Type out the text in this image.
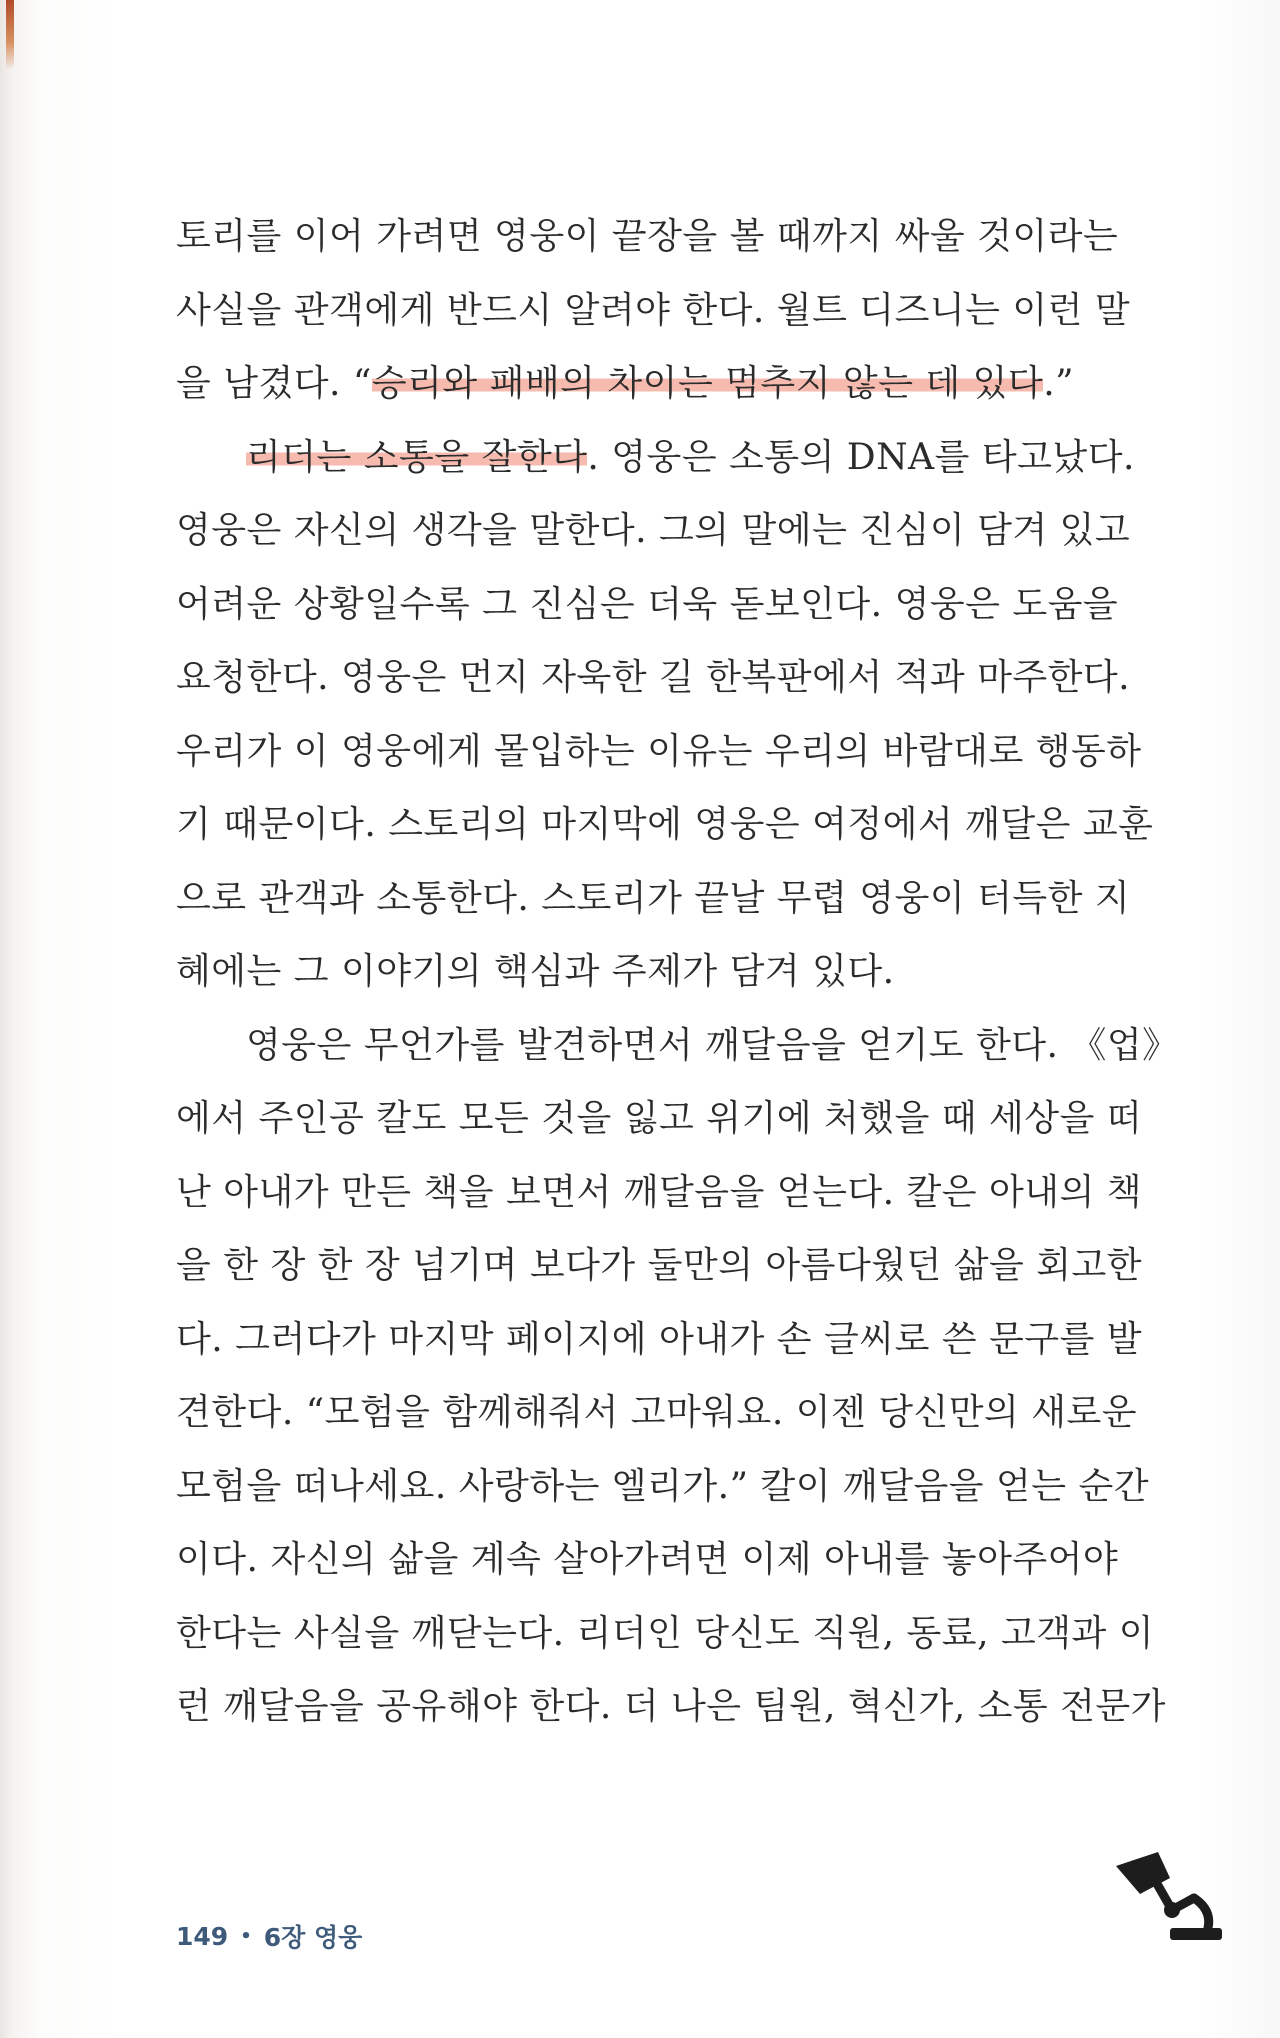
토리를 이어 가려면 영웅이 끝장을 볼 때까지 싸울 것이라는
사실을 관객에게 반드시 알려야 한다. 월트 디즈니는 이런 말
을 남겼다. “승리와 패배의 차이는 멈추지 않는 데 있다.”
리더는 소통을 잘한다. 영웅은 소통의 DNA를 타고났다.
영웅은 자신의 생각을 말한다. 그의 말에는 진심이 담겨 있고
어려운 상황일수록 그 진심은 더욱 돋보인다. 영웅은 도움을
요청한다. 영웅은 먼지 자욱한 길 한복판에서 적과 마주한다.
우리가 이 영웅에게 몰입하는 이유는 우리의 바람대로 행동하
기 때문이다. 스토리의 마지막에 영웅은 여정에서 깨달은 교훈
으로 관객과 소통한다. 스토리가 끝날 무렵 영웅이 터득한 지
혜에는 그 이야기의 핵심과 주제가 담겨 있다.
영웅은 무언가를 발견하면서 깨달음을 얻기도 한다. 《업》
에서 주인공 칼도 모든 것을 잃고 위기에 처했을 때 세상을 떠
난 아내가 만든 책을 보면서 깨달음을 얻는다. 칼은 아내의 책
을 한 장 한 장 넘기며 보다가 둘만의 아름다웠던 삶을 회고한
다. 그러다가 마지막 페이지에 아내가 손 글씨로 쓴 문구를 발
견한다. “모험을 함께해줘서 고마워요. 이젠 당신만의 새로운
모험을 떠나세요. 사랑하는 엘리가.” 칼이 깨달음을 얻는 순간
이다. 자신의 삶을 계속 살아가려면 이제 아내를 놓아주어야
한다는 사실을 깨닫는다. 리더인 당신도 직원, 동료, 고객과 이
런 깨달음을 공유해야 한다. 더 나은 팀원, 혁신가, 소통 전문가
149 • 6장 영웅
